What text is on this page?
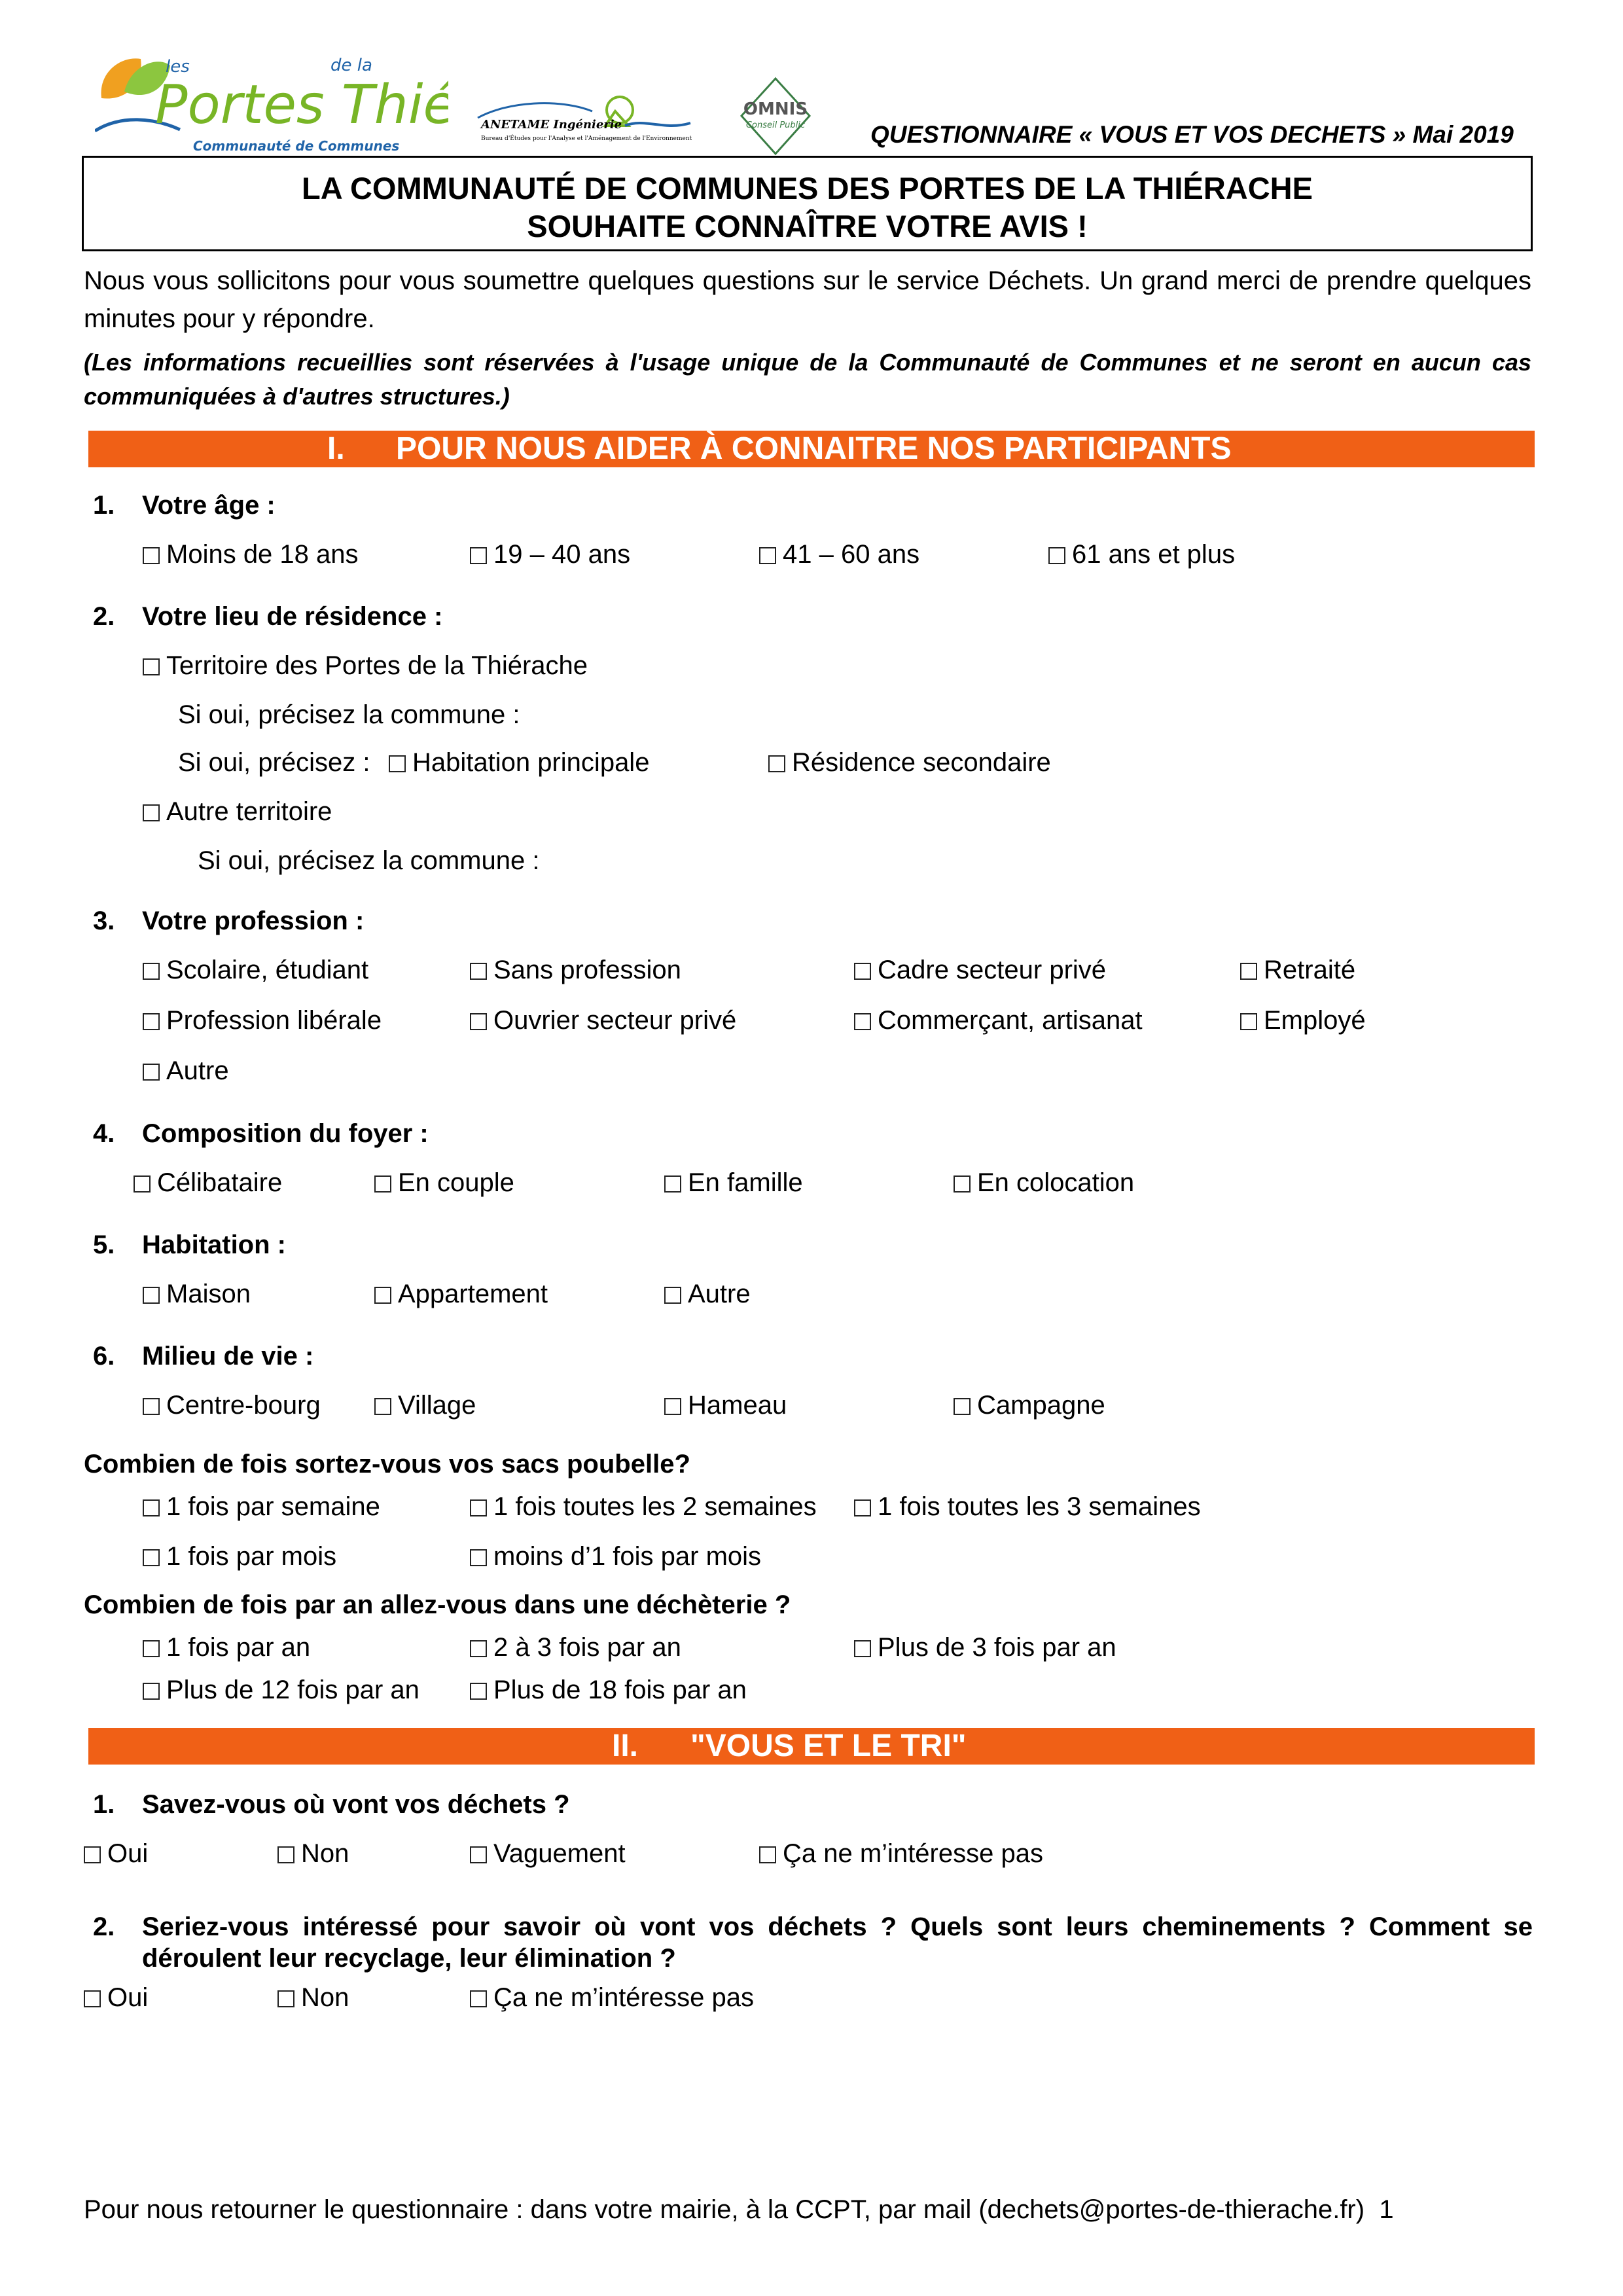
les	de la
Portes Thié
Communauté de Communes
ANETAME Ingénierie
Bureau d'Études pour l'Analyse et l'Aménagement de l'Environnement
OMNIS
Conseil Public	QUESTIONNAIRE « VOUS ET VOS DECHETS » Mai 2019
LA COMMUNAUTÉ DE COMMUNES DES PORTES DE LA THIÉRACHE
SOUHAITE CONNAÎTRE VOTRE AVIS !
Nous vous sollicitons pour vous soumettre quelques questions sur le service Déchets. Un grand merci de prendre quelques minutes pour y répondre.
(Les informations recueillies sont réservées à l'usage unique de la Communauté de Communes et ne seront en aucun cas communiquées à d'autres structures.)
I. POUR NOUS AIDER À CONNAITRE NOS PARTICIPANTS
1. Votre âge :
Moins de 18 ans	19 – 40 ans	41 – 60 ans	61 ans et plus
2. Votre lieu de résidence :
Territoire des Portes de la Thiérache
Si oui, précisez la commune :
Si oui, précisez :	Habitation principale	Résidence secondaire
Autre territoire
Si oui, précisez la commune :
3. Votre profession :
Scolaire, étudiant	Sans profession	Cadre secteur privé	Retraité
Profession libérale	Ouvrier secteur privé	Commerçant, artisanat	Employé
Autre
4. Composition du foyer :
Célibataire	En couple	En famille	En colocation
5. Habitation :
Maison	Appartement	Autre
6. Milieu de vie :
Centre-bourg	Village	Hameau	Campagne
Combien de fois sortez-vous vos sacs poubelle?
1 fois par semaine	1 fois toutes les 2 semaines	1 fois toutes les 3 semaines
1 fois par mois	moins d’1 fois par mois
Combien de fois par an allez-vous dans une déchèterie ?
1 fois par an	2 à 3 fois par an	Plus de 3 fois par an
Plus de 12 fois par an	Plus de 18 fois par an
II. "VOUS ET LE TRI"
1. Savez-vous où vont vos déchets ?
Oui	Non	Vaguement	Ça ne m’intéresse pas
2. Seriez-vous intéressé pour savoir où vont vos déchets ? Quels sont leurs cheminements ? Comment se déroulent leur recyclage, leur élimination ?
Oui	Non	Ça ne m’intéresse pas
Pour nous retourner le questionnaire : dans votre mairie, à la CCPT, par mail (dechets@portes-de-thierache.fr) 1
